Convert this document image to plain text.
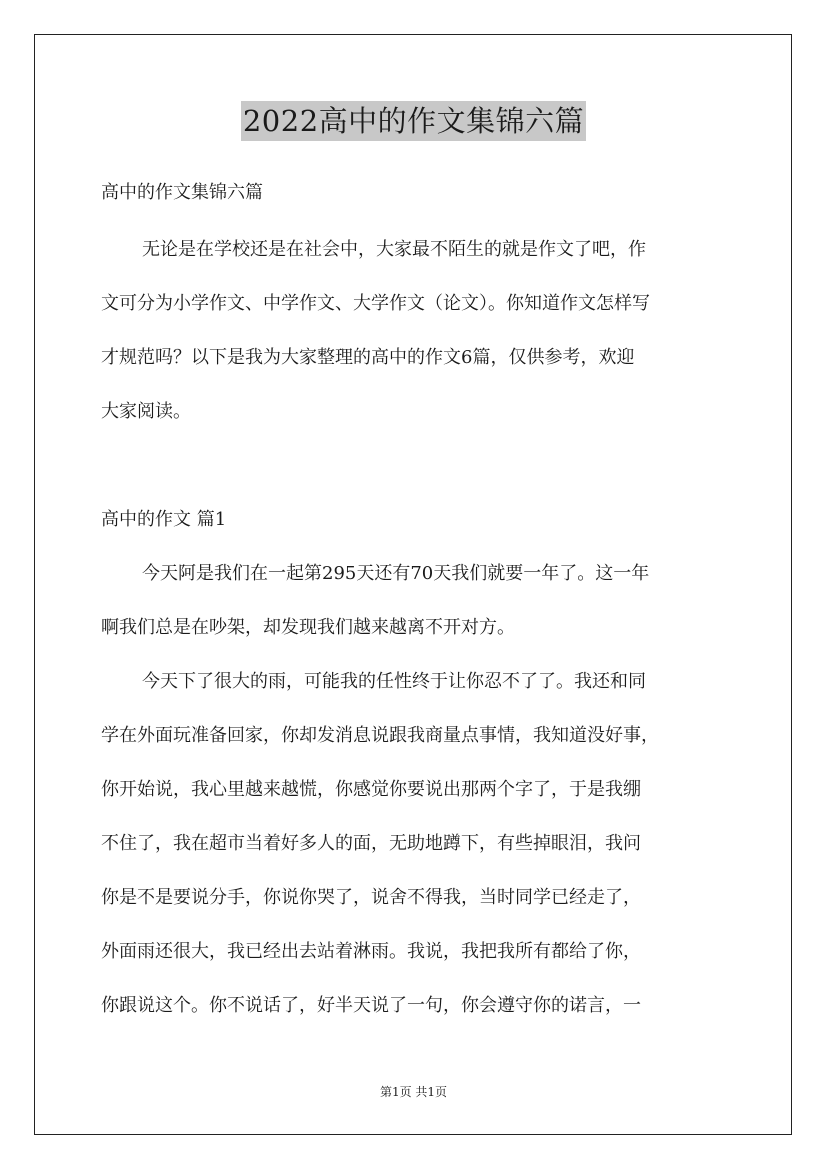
2022高中的作文集锦六篇
高中的作文集锦六篇
无论是在学校还是在社会中，大家最不陌生的就是作文了吧，作
文可分为小学作文、中学作文、大学作文（论文）。你知道作文怎样写
才规范吗？以下是我为大家整理的高中的作文6篇，仅供参考，欢迎
大家阅读。
高中的作文 篇1
今天阿是我们在一起第295天还有70天我们就要一年了。这一年
啊我们总是在吵架，却发现我们越来越离不开对方。
今天下了很大的雨，可能我的任性终于让你忍不了了。我还和同
学在外面玩准备回家，你却发消息说跟我商量点事情，我知道没好事，
你开始说，我心里越来越慌，你感觉你要说出那两个字了，于是我绷
不住了，我在超市当着好多人的面，无助地蹲下，有些掉眼泪，我问
你是不是要说分手，你说你哭了，说舍不得我，当时同学已经走了，
外面雨还很大，我已经出去站着淋雨。我说，我把我所有都给了你，
你跟说这个。你不说话了，好半天说了一句，你会遵守你的诺言，一
第1页 共1页
